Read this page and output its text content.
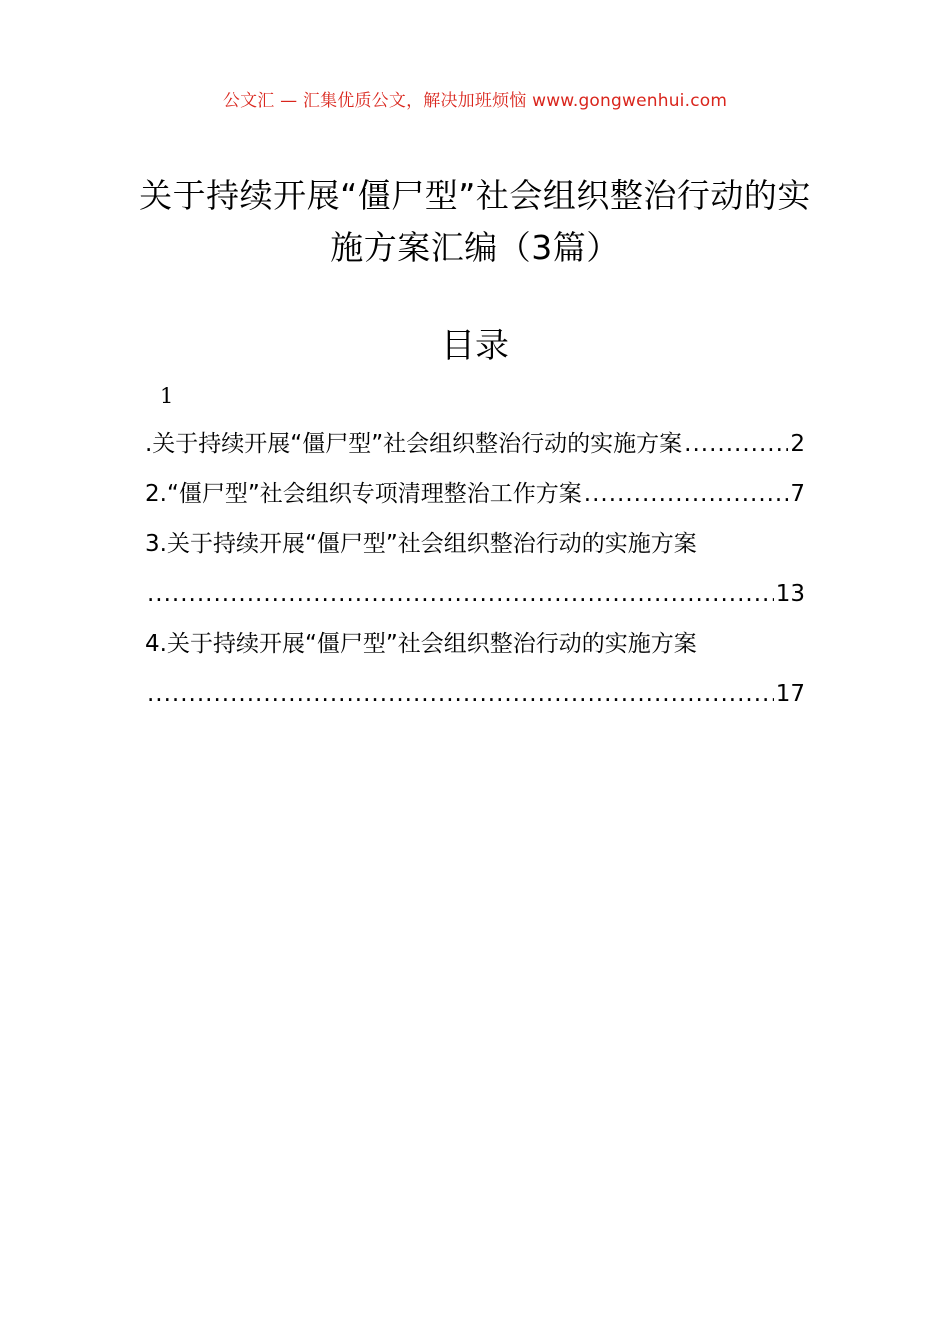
公文汇 — 汇集优质公文，解决加班烦恼 www.gongwenhui.com
关于持续开展“僵尸型”社会组织整治行动的实施方案汇编（3篇）
目录
1
.关于持续开展“僵尸型”社会组织整治行动的实施方案 .....	2
2.“僵尸型”社会组织专项清理整治工作方案 .....	7
3.关于持续开展“僵尸型”社会组织整治行动的实施方案
.....
13
4.关于持续开展“僵尸型”社会组织整治行动的实施方案
.....
17
